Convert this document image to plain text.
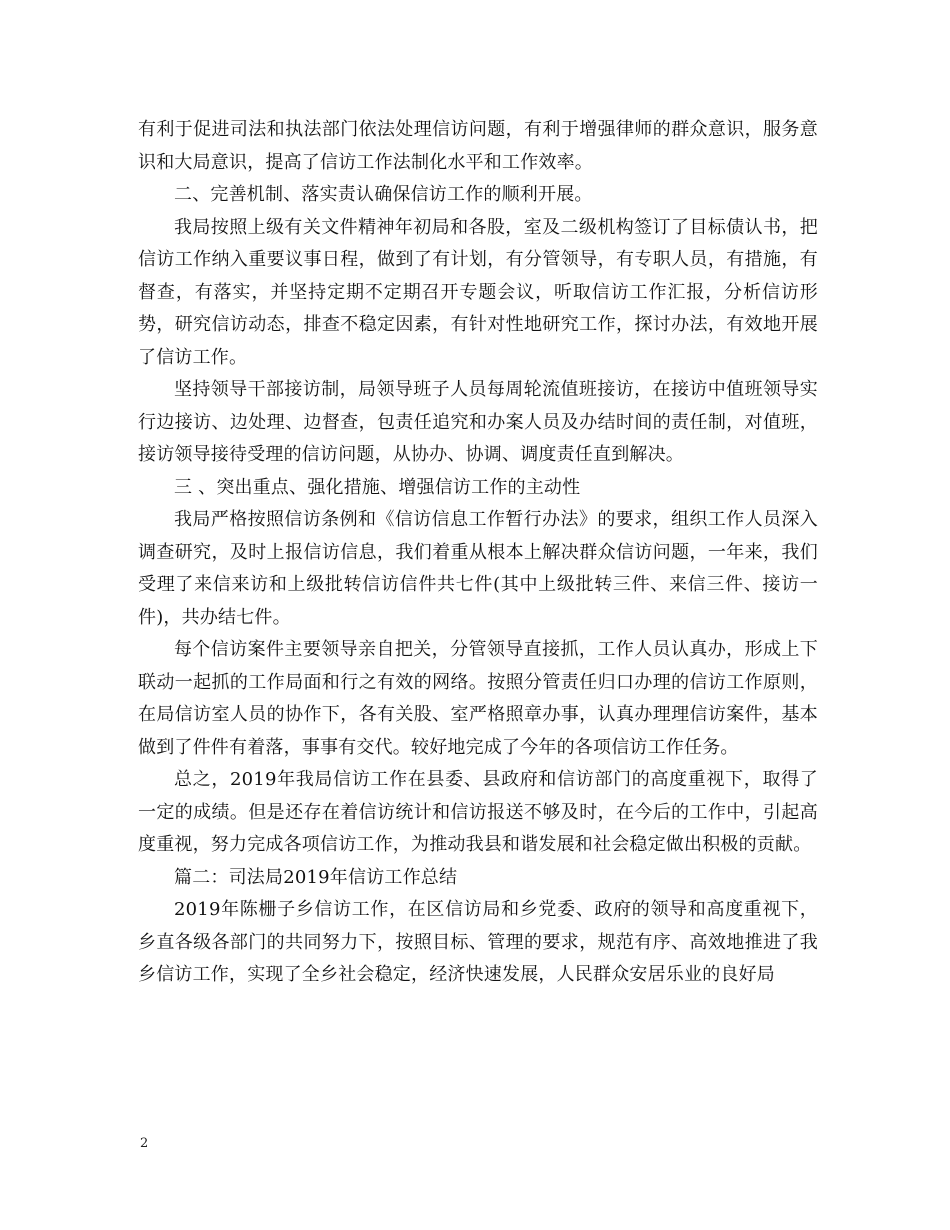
有利于促进司法和执法部门依法处理信访问题，有利于增强律师的群众意识，服务意识和大局意识，提高了信访工作法制化水平和工作效率。

二、完善机制、落实责认确保信访工作的顺利开展。

我局按照上级有关文件精神年初局和各股，室及二级机构签订了目标债认书，把信访工作纳入重要议事日程，做到了有计划，有分管领导，有专职人员，有措施，有督查，有落实，并坚持定期不定期召开专题会议，听取信访工作汇报，分析信访形势，研究信访动态，排查不稳定因素，有针对性地研究工作，探讨办法，有效地开展了信访工作。

坚持领导干部接访制，局领导班子人员每周轮流值班接访，在接访中值班领导实行边接访、边处理、边督查，包责任追究和办案人员及办结时间的责任制，对值班，接访领导接待受理的信访问题，从协办、协调、调度责任直到解决。

三 、突出重点、强化措施、增强信访工作的主动性

我局严格按照信访条例和《信访信息工作暂行办法》的要求，组织工作人员深入调查研究，及时上报信访信息，我们着重从根本上解决群众信访问题，一年来，我们受理了来信来访和上级批转信访信件共七件(其中上级批转三件、来信三件、接访一件)，共办结七件。

每个信访案件主要领导亲自把关，分管领导直接抓，工作人员认真办，形成上下联动一起抓的工作局面和行之有效的网络。按照分管责任归口办理的信访工作原则，在局信访室人员的协作下，各有关股、室严格照章办事，认真办理理信访案件，基本做到了件件有着落，事事有交代。较好地完成了今年的各项信访工作任务。

总之，2019年我局信访工作在县委、县政府和信访部门的高度重视下，取得了一定的成绩。但是还存在着信访统计和信访报送不够及时，在今后的工作中，引起高度重视，努力完成各项信访工作，为推动我县和谐发展和社会稳定做出积极的贡献。

篇二：司法局2019年信访工作总结

2019年陈栅子乡信访工作，在区信访局和乡党委、政府的领导和高度重视下，乡直各级各部门的共同努力下，按照目标、管理的要求，规范有序、高效地推进了我乡信访工作，实现了全乡社会稳定，经济快速发展，人民群众安居乐业的良好局

2
